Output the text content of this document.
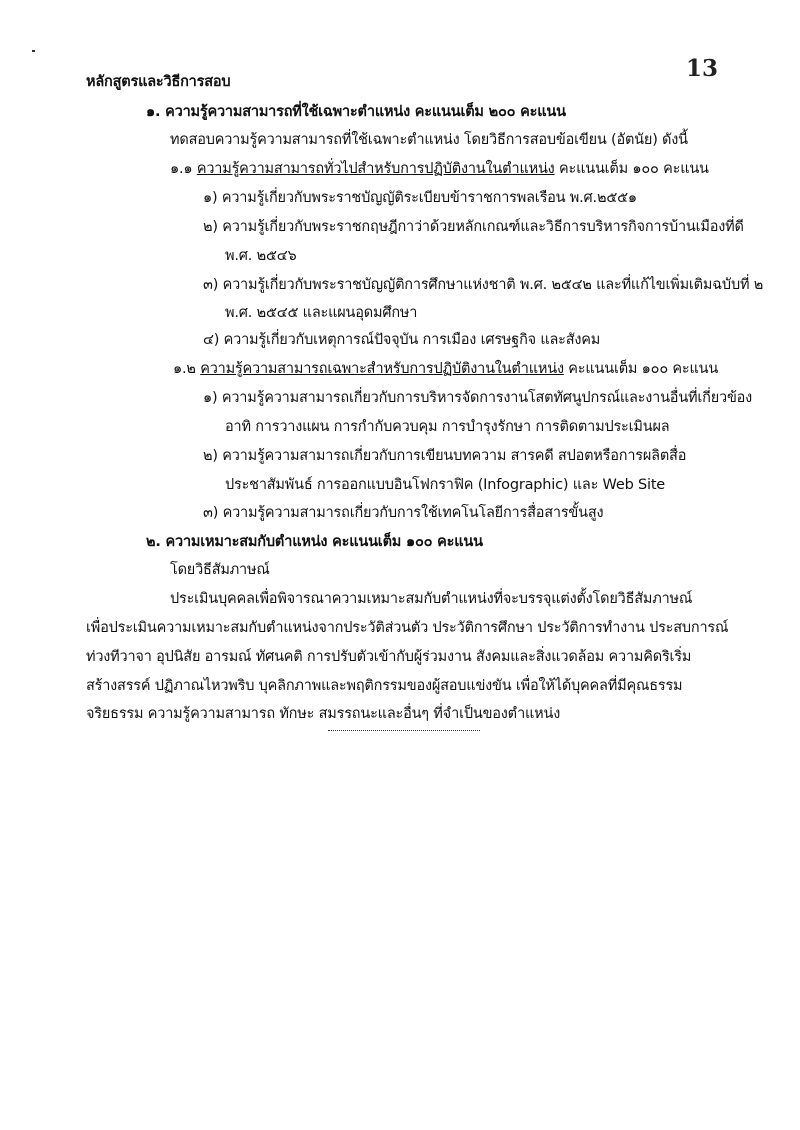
13
หลักสูตรและวิธีการสอบ
๑. ความรู้ความสามารถที่ใช้เฉพาะตำแหน่ง คะแนนเต็ม ๒๐๐ คะแนน
ทดสอบความรู้ความสามารถที่ใช้เฉพาะตำแหน่ง โดยวิธีการสอบข้อเขียน (อัตนัย) ดังนี้
๑.๑ ความรู้ความสามารถทั่วไปสำหรับการปฏิบัติงานในตำแหน่ง คะแนนเต็ม ๑๐๐ คะแนน
๑) ความรู้เกี่ยวกับพระราชบัญญัติระเบียบข้าราชการพลเรือน พ.ศ.๒๕๕๑
๒) ความรู้เกี่ยวกับพระราชกฤษฎีกาว่าด้วยหลักเกณฑ์และวิธีการบริหารกิจการบ้านเมืองที่ดี
พ.ศ. ๒๕๔๖
๓) ความรู้เกี่ยวกับพระราชบัญญัติการศึกษาแห่งชาติ พ.ศ. ๒๕๔๒ และที่แก้ไขเพิ่มเติมฉบับที่ ๒
พ.ศ. ๒๕๔๕ และแผนอุดมศึกษา
๔) ความรู้เกี่ยวกับเหตุการณ์ปัจจุบัน การเมือง เศรษฐกิจ และสังคม
๑.๒ ความรู้ความสามารถเฉพาะสำหรับการปฏิบัติงานในตำแหน่ง คะแนนเต็ม ๑๐๐ คะแนน
๑) ความรู้ความสามารถเกี่ยวกับการบริหารจัดการงานโสตทัศนูปกรณ์และงานอื่นที่เกี่ยวข้อง
อาทิ การวางแผน การกำกับควบคุม การบำรุงรักษา การติดตามประเมินผล
๒) ความรู้ความสามารถเกี่ยวกับการเขียนบทความ สารคดี สปอตหรือการผลิตสื่อ
ประชาสัมพันธ์ การออกแบบอินโฟกราฟิค (Infographic) และ Web Site
๓) ความรู้ความสามารถเกี่ยวกับการใช้เทคโนโลยีการสื่อสารขั้นสูง
๒. ความเหมาะสมกับตำแหน่ง คะแนนเต็ม ๑๐๐ คะแนน
โดยวิธีสัมภาษณ์
ประเมินบุคคลเพื่อพิจารณาความเหมาะสมกับตำแหน่งที่จะบรรจุแต่งตั้งโดยวิธีสัมภาษณ์
เพื่อประเมินความเหมาะสมกับตำแหน่งจากประวัติส่วนตัว ประวัติการศึกษา ประวัติการทำงาน ประสบการณ์
ท่วงทีวาจา อุปนิสัย อารมณ์ ทัศนคติ การปรับตัวเข้ากับผู้ร่วมงาน สังคมและสิ่งแวดล้อม ความคิดริเริ่ม
สร้างสรรค์ ปฏิภาณไหวพริบ บุคลิกภาพและพฤติกรรมของผู้สอบแข่งขัน เพื่อให้ได้บุคคลที่มีคุณธรรม
จริยธรรม ความรู้ความสามารถ ทักษะ สมรรถนะและอื่นๆ ที่จำเป็นของตำแหน่ง
